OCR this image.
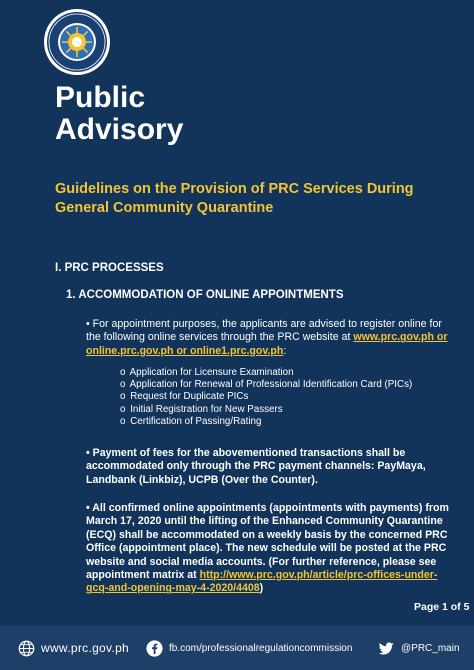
Public
Advisory
Guidelines on the Provision of PRC Services During General Community Quarantine
I. PRC PROCESSES
1. ACCOMMODATION OF ONLINE APPOINTMENTS
• For appointment purposes, the applicants are advised to register online for the following online services through the PRC website at www.prc.gov.ph or online.prc.gov.ph or online1.prc.gov.ph:
o Application for Licensure Examination
o Application for Renewal of Professional Identification Card (PICs)
o Request for Duplicate PICs
o Initial Registration for New Passers
o Certification of Passing/Rating
• Payment of fees for the abovementioned transactions shall be accommodated only through the PRC payment channels: PayMaya, Landbank (Linkbiz), UCPB (Over the Counter).
• All confirmed online appointments (appointments with payments) from March 17, 2020 until the lifting of the Enhanced Community Quarantine (ECQ) shall be accommodated on a weekly basis by the concerned PRC Office (appointment place). The new schedule will be posted at the PRC website and social media accounts. (For further reference, please see appointment matrix at http://www.prc.gov.ph/article/prc-offices-under-gcq-and-opening-may-4-2020/4408)
Page 1 of 5
www.prc.gov.ph	fb.com/professionalregulationcommission	@PRC_main
